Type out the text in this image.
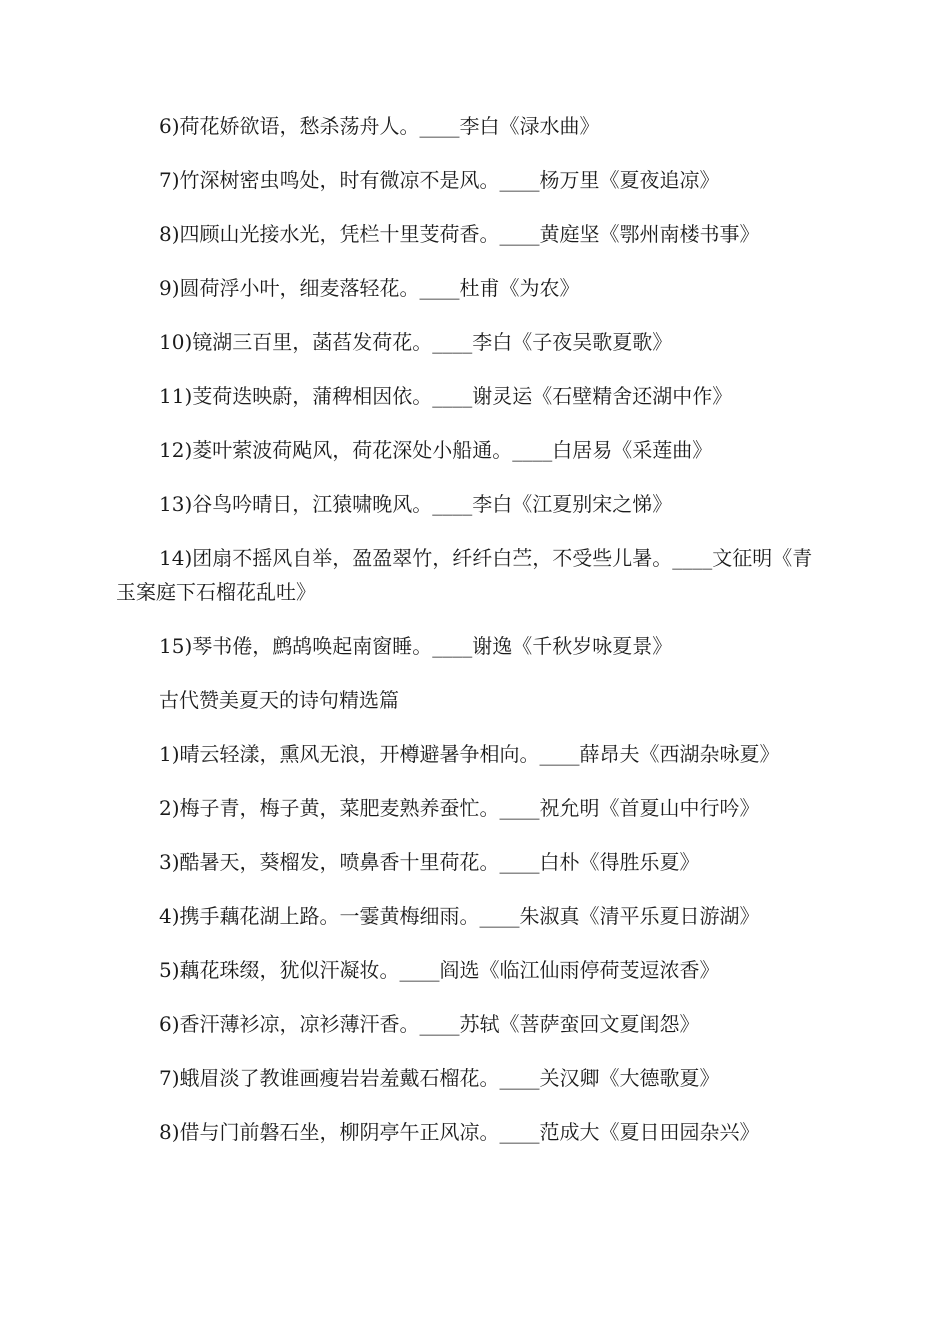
6)荷花娇欲语，愁杀荡舟人。____李白《渌水曲》

7)竹深树密虫鸣处，时有微凉不是风。____杨万里《夏夜追凉》

8)四顾山光接水光，凭栏十里芰荷香。____黄庭坚《鄂州南楼书事》

9)圆荷浮小叶，细麦落轻花。____杜甫《为农》

10)镜湖三百里，菡萏发荷花。____李白《子夜吴歌夏歌》

11)芰荷迭映蔚，蒲稗相因依。____谢灵运《石壁精舍还湖中作》

12)菱叶萦波荷飐风，荷花深处小船通。____白居易《采莲曲》

13)谷鸟吟晴日，江猿啸晚风。____李白《江夏别宋之悌》

14)团扇不摇风自举，盈盈翠竹，纤纤白苎，不受些儿暑。____文征明《青玉案庭下石榴花乱吐》

15)琴书倦，鹧鸪唤起南窗睡。____谢逸《千秋岁咏夏景》

古代赞美夏天的诗句精选篇

1)晴云轻漾，熏风无浪，开樽避暑争相向。____薛昂夫《西湖杂咏夏》

2)梅子青，梅子黄，菜肥麦熟养蚕忙。____祝允明《首夏山中行吟》

3)酷暑天，葵榴发，喷鼻香十里荷花。____白朴《得胜乐夏》

4)携手藕花湖上路。一霎黄梅细雨。____朱淑真《清平乐夏日游湖》

5)藕花珠缀，犹似汗凝妆。____阎选《临江仙雨停荷芰逗浓香》

6)香汗薄衫凉，凉衫薄汗香。____苏轼《菩萨蛮回文夏闺怨》

7)蛾眉淡了教谁画瘦岩岩羞戴石榴花。____关汉卿《大德歌夏》

8)借与门前磐石坐，柳阴亭午正风凉。____范成大《夏日田园杂兴》
